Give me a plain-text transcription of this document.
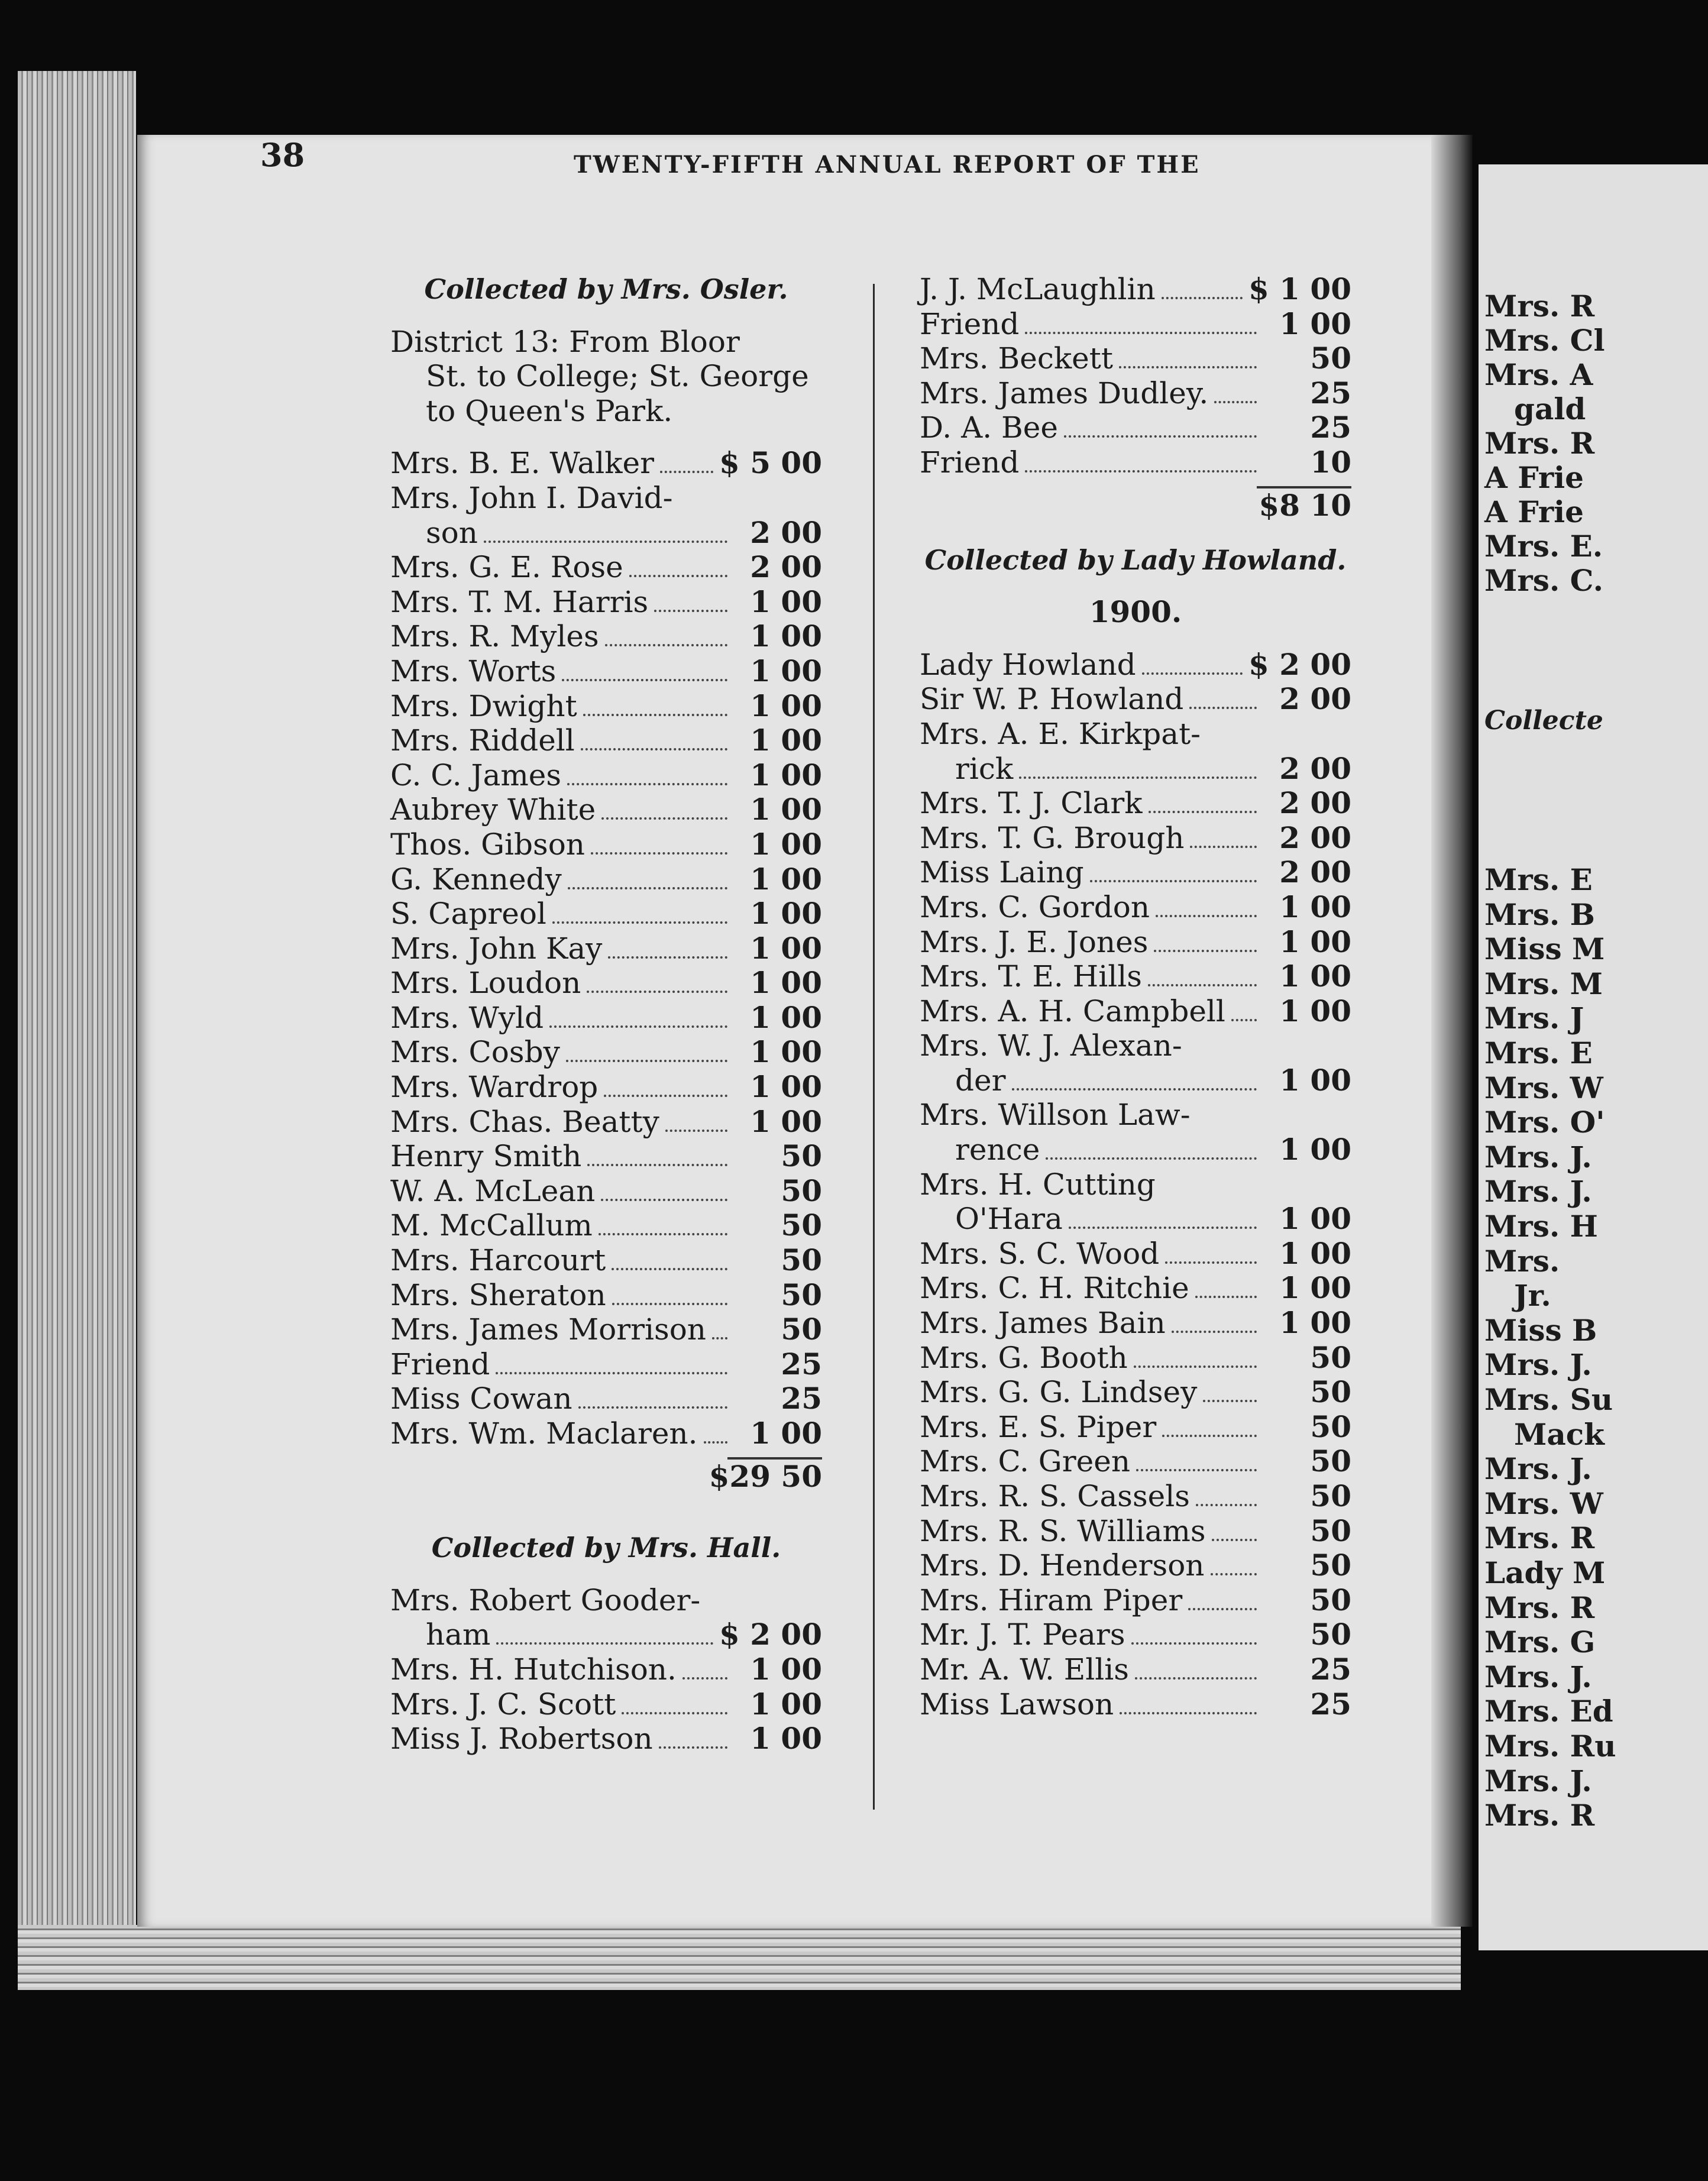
Mrs. R
Mrs. Cl
Mrs. A
gald
Mrs. R
A Frie
A Frie
Mrs. E.
Mrs. C.
Collecte
Mrs. E
Mrs. B
Miss M
Mrs. M
Mrs. J
Mrs. E
Mrs. W
Mrs. O'
Mrs. J.
Mrs. J.
Mrs. H
Mrs.
Jr.
Miss B
Mrs. J.
Mrs. Su
Mack
Mrs. J.
Mrs. W
Mrs. R
Lady M
Mrs. R
Mrs. G
Mrs. J.
Mrs. Ed
Mrs. Ru
Mrs. J.
Mrs. R

38	TWENTY-FIFTH ANNUAL REPORT OF THE

Collected by Mrs. Osler.
District 13: From Bloor
St. to College; St. George
to Queen's Park.
Mrs. B. E. Walker $ 5 00
Mrs. John I. David-
son	2 00
Mrs. G. E. Rose	2 00
Mrs. T. M. Harris	1 00
Mrs. R. Myles	1 00
Mrs. Worts	1 00
Mrs. Dwight	1 00
Mrs. Riddell	1 00
C. C. James	1 00
Aubrey White	1 00
Thos. Gibson	1 00
G. Kennedy	1 00
S. Capreol	1 00
Mrs. John Kay	1 00
Mrs. Loudon	1 00
Mrs. Wyld	1 00
Mrs. Cosby	1 00
Mrs. Wardrop	1 00
Mrs. Chas. Beatty	1 00
Henry Smith	50
W. A. McLean	50
M. McCallum	50
Mrs. Harcourt	50
Mrs. Sheraton	50
Mrs. James Morrison	50
Friend	25
Miss Cowan	25
Mrs. Wm. Maclaren.	1 00
$29 50
Collected by Mrs. Hall.
Mrs. Robert Gooder-
ham	$ 2 00
Mrs. H. Hutchison.	1 00
Mrs. J. C. Scott	1 00
Miss J. Robertson	1 00
J. J. McLaughlin	$ 1 00
Friend	1 00
Mrs. Beckett	50
Mrs. James Dudley.	25
D. A. Bee	25
Friend	10
$8 10
Collected by Lady Howland.
1900.
Lady Howland	$ 2 00
Sir W. P. Howland	2 00
Mrs. A. E. Kirkpat-
rick	2 00
Mrs. T. J. Clark	2 00
Mrs. T. G. Brough	2 00
Miss Laing	2 00
Mrs. C. Gordon	1 00
Mrs. J. E. Jones	1 00
Mrs. T. E. Hills	1 00
Mrs. A. H. Campbell	1 00
Mrs. W. J. Alexan-
der	1 00
Mrs. Willson Law-
rence	1 00
Mrs. H. Cutting
O'Hara	1 00
Mrs. S. C. Wood	1 00
Mrs. C. H. Ritchie	1 00
Mrs. James Bain	1 00
Mrs. G. Booth	50
Mrs. G. G. Lindsey	50
Mrs. E. S. Piper	50
Mrs. C. Green	50
Mrs. R. S. Cassels	50
Mrs. R. S. Williams	50
Mrs. D. Henderson	50
Mrs. Hiram Piper	50
Mr. J. T. Pears	50
Mr. A. W. Ellis	25
Miss Lawson	25
